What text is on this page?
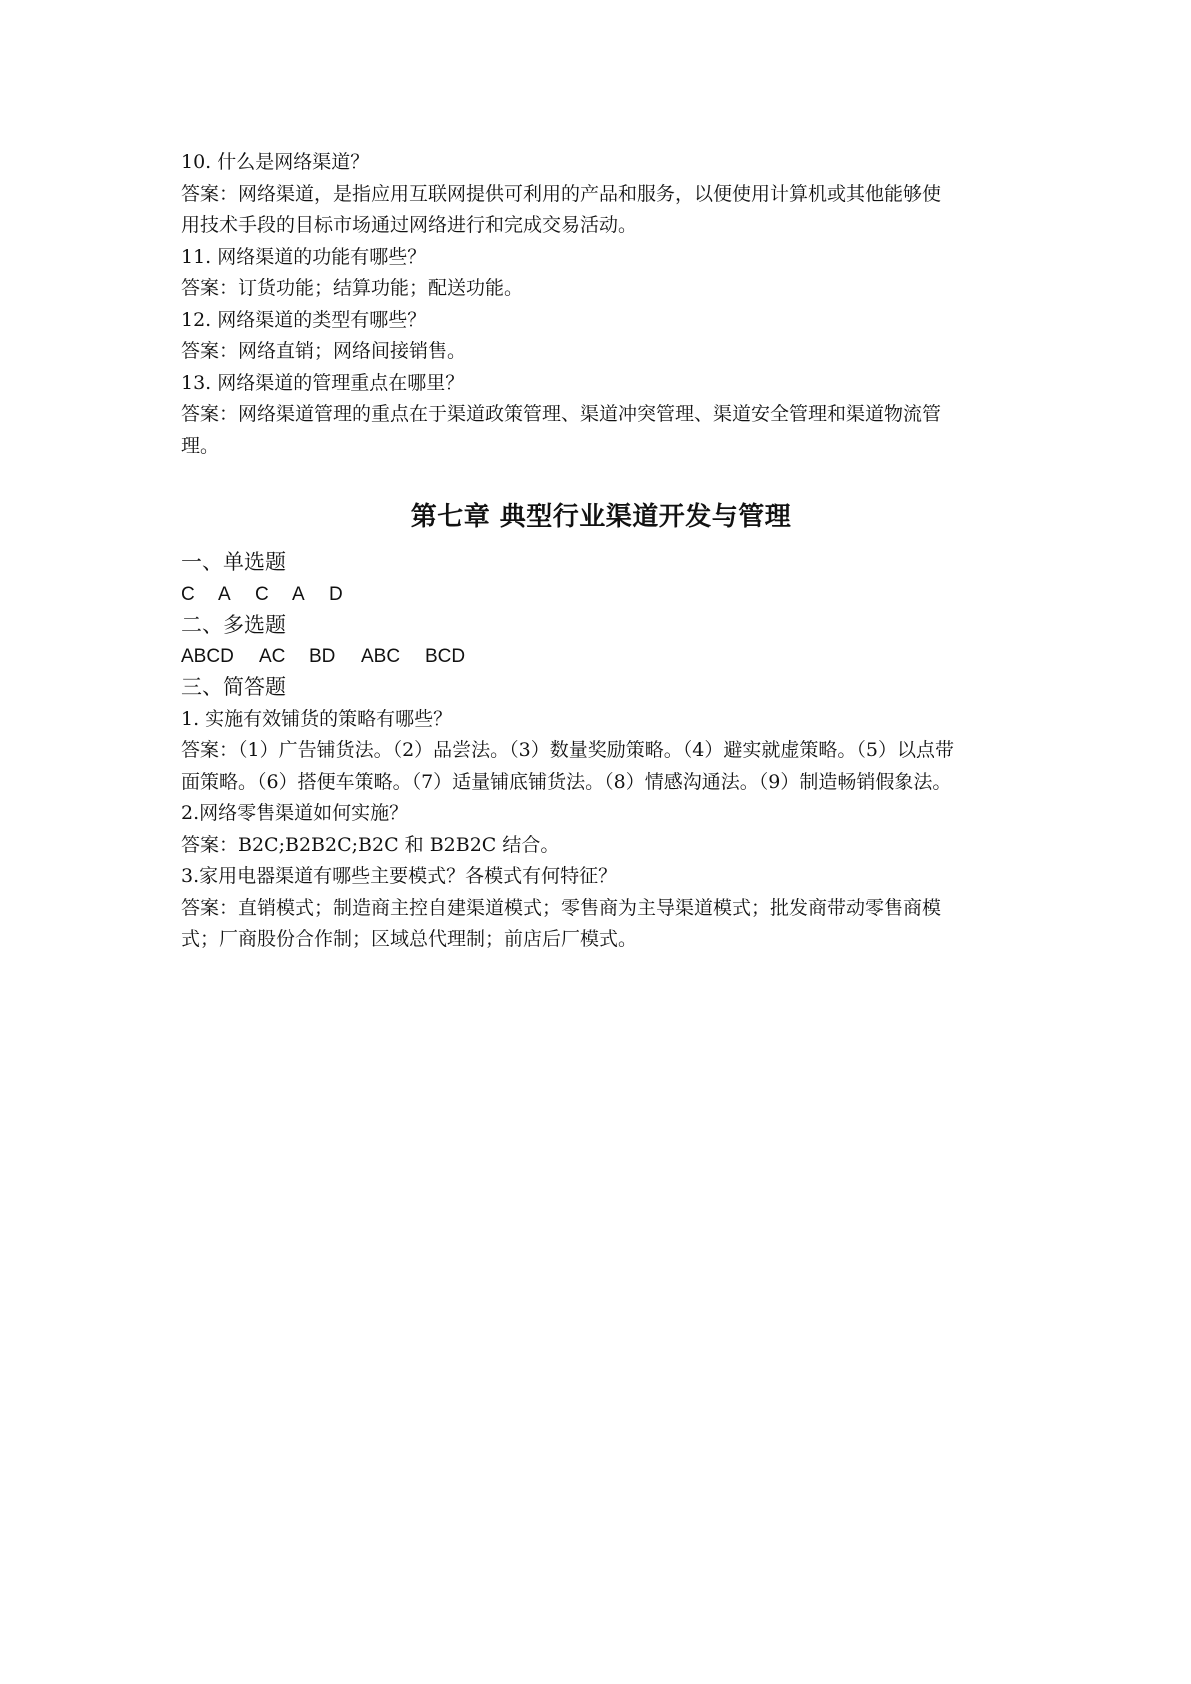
10. 什么是网络渠道？
答案：网络渠道，是指应用互联网提供可利用的产品和服务，以便使用计算机或其他能够使
用技术手段的目标市场通过网络进行和完成交易活动。
11. 网络渠道的功能有哪些？
答案：订货功能；结算功能；配送功能。
12. 网络渠道的类型有哪些？
答案：网络直销；网络间接销售。
13. 网络渠道的管理重点在哪里？
答案：网络渠道管理的重点在于渠道政策管理、渠道冲突管理、渠道安全管理和渠道物流管
理。
第七章 典型行业渠道开发与管理
一、单选题
C A C A D
二、多选题
ABCD AC BD ABC BCD
三、简答题
1. 实施有效铺货的策略有哪些？
答案：（1）广告铺货法。（2）品尝法。（3）数量奖励策略。（4）避实就虚策略。（5）以点带
面策略。（6）搭便车策略。（7）适量铺底铺货法。（8）情感沟通法。（9）制造畅销假象法。
2.网络零售渠道如何实施？
答案：B2C;B2B2C;B2C 和 B2B2C 结合。
3.家用电器渠道有哪些主要模式？各模式有何特征？
答案：直销模式；制造商主控自建渠道模式；零售商为主导渠道模式；批发商带动零售商模
式；厂商股份合作制；区域总代理制；前店后厂模式。
